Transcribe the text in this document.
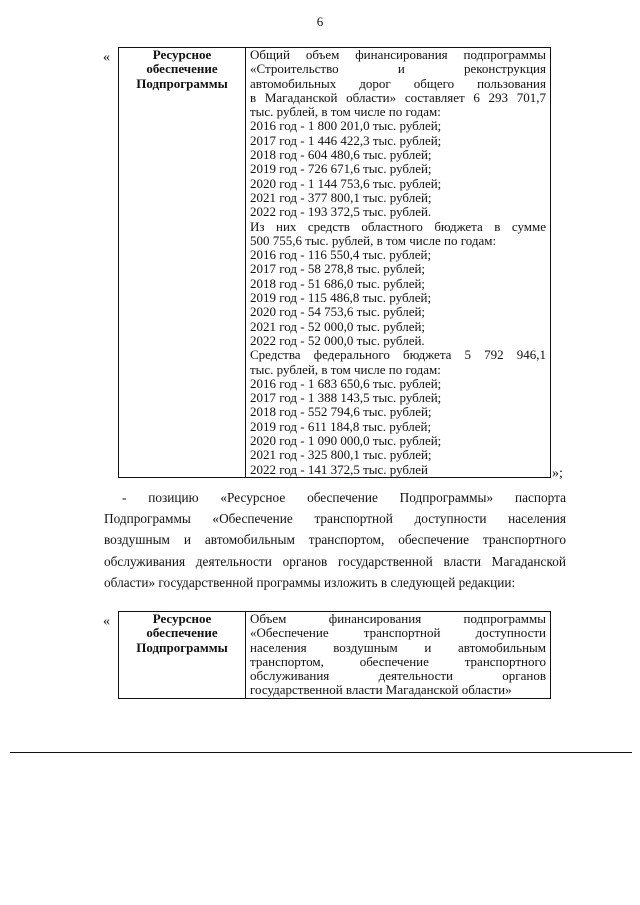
6
«	Ресурсное
обеспечение
Подпрограммы

Общий объем финансирования подпрограммы
«Строительство и реконструкция
автомобильных дорог общего пользования
в Магаданской области» составляет 6 293 701,7
тыс. рублей, в том числе по годам:
2016 год - 1 800 201,0 тыс. рублей;
2017 год - 1 446 422,3 тыс. рублей;
2018 год - 604 480,6 тыс. рублей;
2019 год - 726 671,6 тыс. рублей;
2020 год - 1 144 753,6 тыс. рублей;
2021 год - 377 800,1 тыс. рублей;
2022 год - 193 372,5 тыс. рублей.
Из них средств областного бюджета в сумме
500 755,6 тыс. рублей, в том числе по годам:
2016 год - 116 550,4 тыс. рублей;
2017 год - 58 278,8 тыс. рублей;
2018 год - 51 686,0 тыс. рублей;
2019 год - 115 486,8 тыс. рублей;
2020 год - 54 753,6 тыс. рублей;
2021 год - 52 000,0 тыс. рублей;
2022 год - 52 000,0 тыс. рублей.
Средства федерального бюджета 5 792 946,1
тыс. рублей, в том числе по годам:
2016 год - 1 683 650,6 тыс. рублей;
2017 год - 1 388 143,5 тыс. рублей;
2018 год - 552 794,6 тыс. рублей;
2019 год - 611 184,8 тыс. рублей;
2020 год - 1 090 000,0 тыс. рублей;
2021 год - 325 800,1 тыс. рублей;
2022 год - 141 372,5 тыс. рублей	»;
- позицию «Ресурсное обеспечение Подпрограммы» паспорта
Подпрограммы «Обеспечение транспортной доступности населения
воздушным и автомобильным транспортом, обеспечение транспортного
обслуживания деятельности органов государственной власти Магаданской
области» государственной программы изложить в следующей редакции:
«	Ресурсное
обеспечение
Подпрограммы

Объем финансирования подпрограммы
«Обеспечение транспортной доступности
населения воздушным и автомобильным
транспортом, обеспечение транспортного
обслуживания деятельности органов
государственной власти Магаданской области»
